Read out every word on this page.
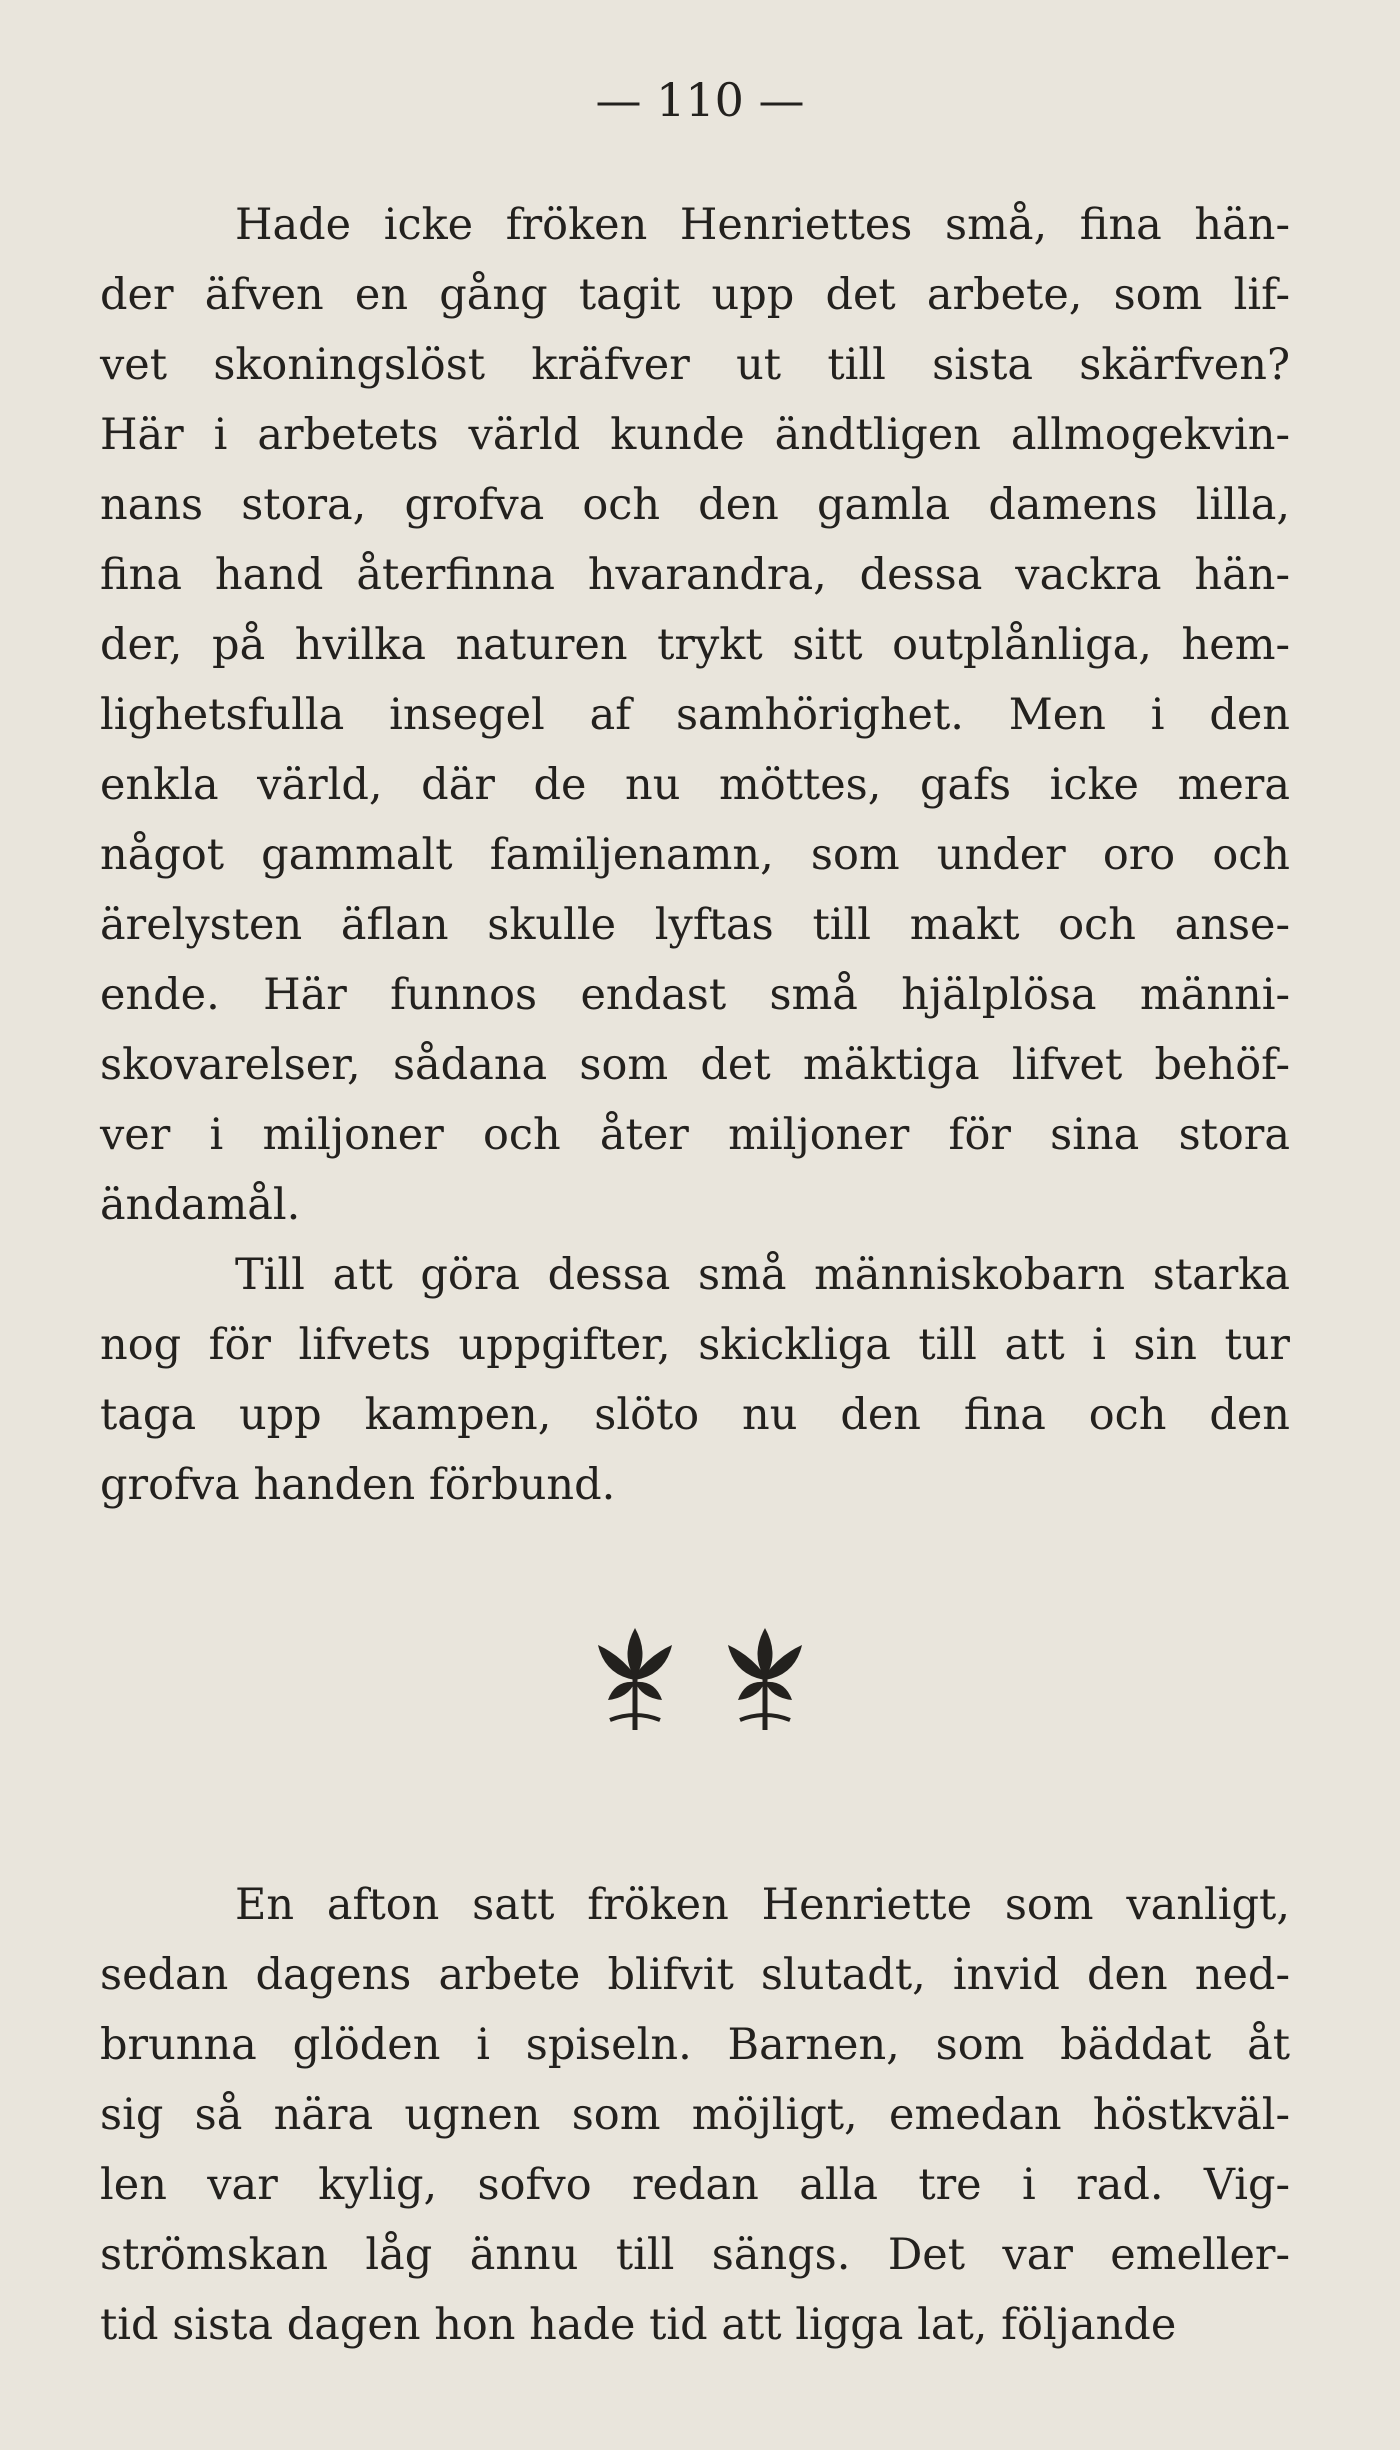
— 110 —
Hade icke fröken Henriettes små, fina hän-
der äfven en gång tagit upp det arbete, som lif-
vet skoningslöst kräfver ut till sista skärfven?
Här i arbetets värld kunde ändtligen allmogekvin-
nans stora, grofva och den gamla damens lilla,
fina hand återfinna hvarandra, dessa vackra hän-
der, på hvilka naturen trykt sitt outplånliga, hem-
lighetsfulla insegel af samhörighet. Men i den
enkla värld, där de nu möttes, gafs icke mera
något gammalt familjenamn, som under oro och
ärelysten äflan skulle lyftas till makt och anse-
ende. Här funnos endast små hjälplösa männi-
skovarelser, sådana som det mäktiga lifvet behöf-
ver i miljoner och åter miljoner för sina stora
ändamål.
Till att göra dessa små människobarn starka
nog för lifvets uppgifter, skickliga till att i sin tur
taga upp kampen, slöto nu den fina och den
grofva handen förbund.
En afton satt fröken Henriette som vanligt,
sedan dagens arbete blifvit slutadt, invid den ned-
brunna glöden i spiseln. Barnen, som bäddat åt
sig så nära ugnen som möjligt, emedan höstkväl-
len var kylig, sofvo redan alla tre i rad. Vig-
strömskan låg ännu till sängs. Det var emeller-
tid sista dagen hon hade tid att ligga lat, följande
